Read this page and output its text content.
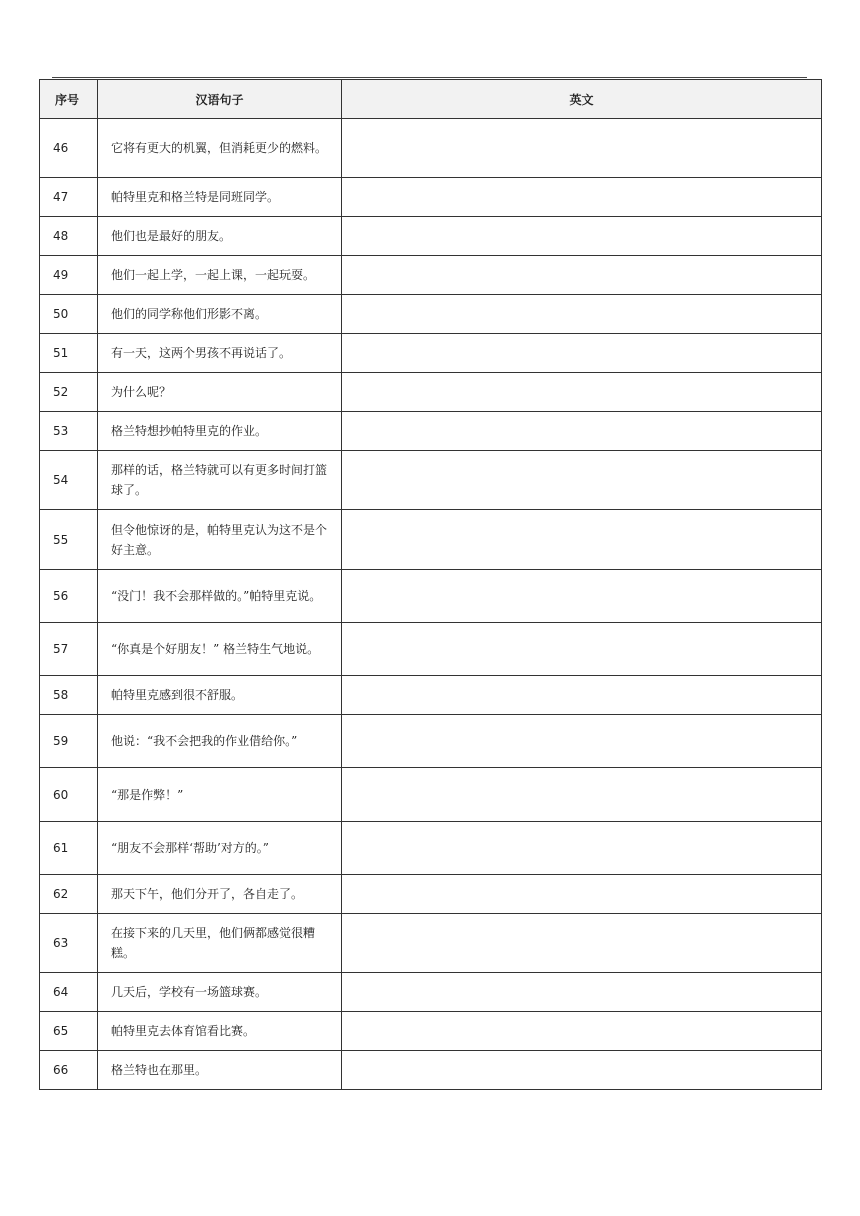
序号	汉语句子	英文
46	它将有更大的机翼，但消耗更少的燃料。	
47	帕特里克和格兰特是同班同学。	
48	他们也是最好的朋友。	
49	他们一起上学，一起上课，一起玩耍。	
50	他们的同学称他们形影不离。	
51	有一天，这两个男孩不再说话了。	
52	为什么呢？	
53	格兰特想抄帕特里克的作业。	
54	那样的话，格兰特就可以有更多时间打篮球了。	
55	但令他惊讶的是，帕特里克认为这不是个好主意。	
56	“没门！我不会那样做的。”帕特里克说。	
57	“你真是个好朋友！” 格兰特生气地说。	
58	帕特里克感到很不舒服。	
59	他说：“我不会把我的作业借给你。”	
60	“那是作弊！”	
61	“朋友不会那样‘帮助’对方的。”	
62	那天下午，他们分开了，各自走了。	
63	在接下来的几天里，他们俩都感觉很糟糕。	
64	几天后，学校有一场篮球赛。	
65	帕特里克去体育馆看比赛。	
66	格兰特也在那里。	
